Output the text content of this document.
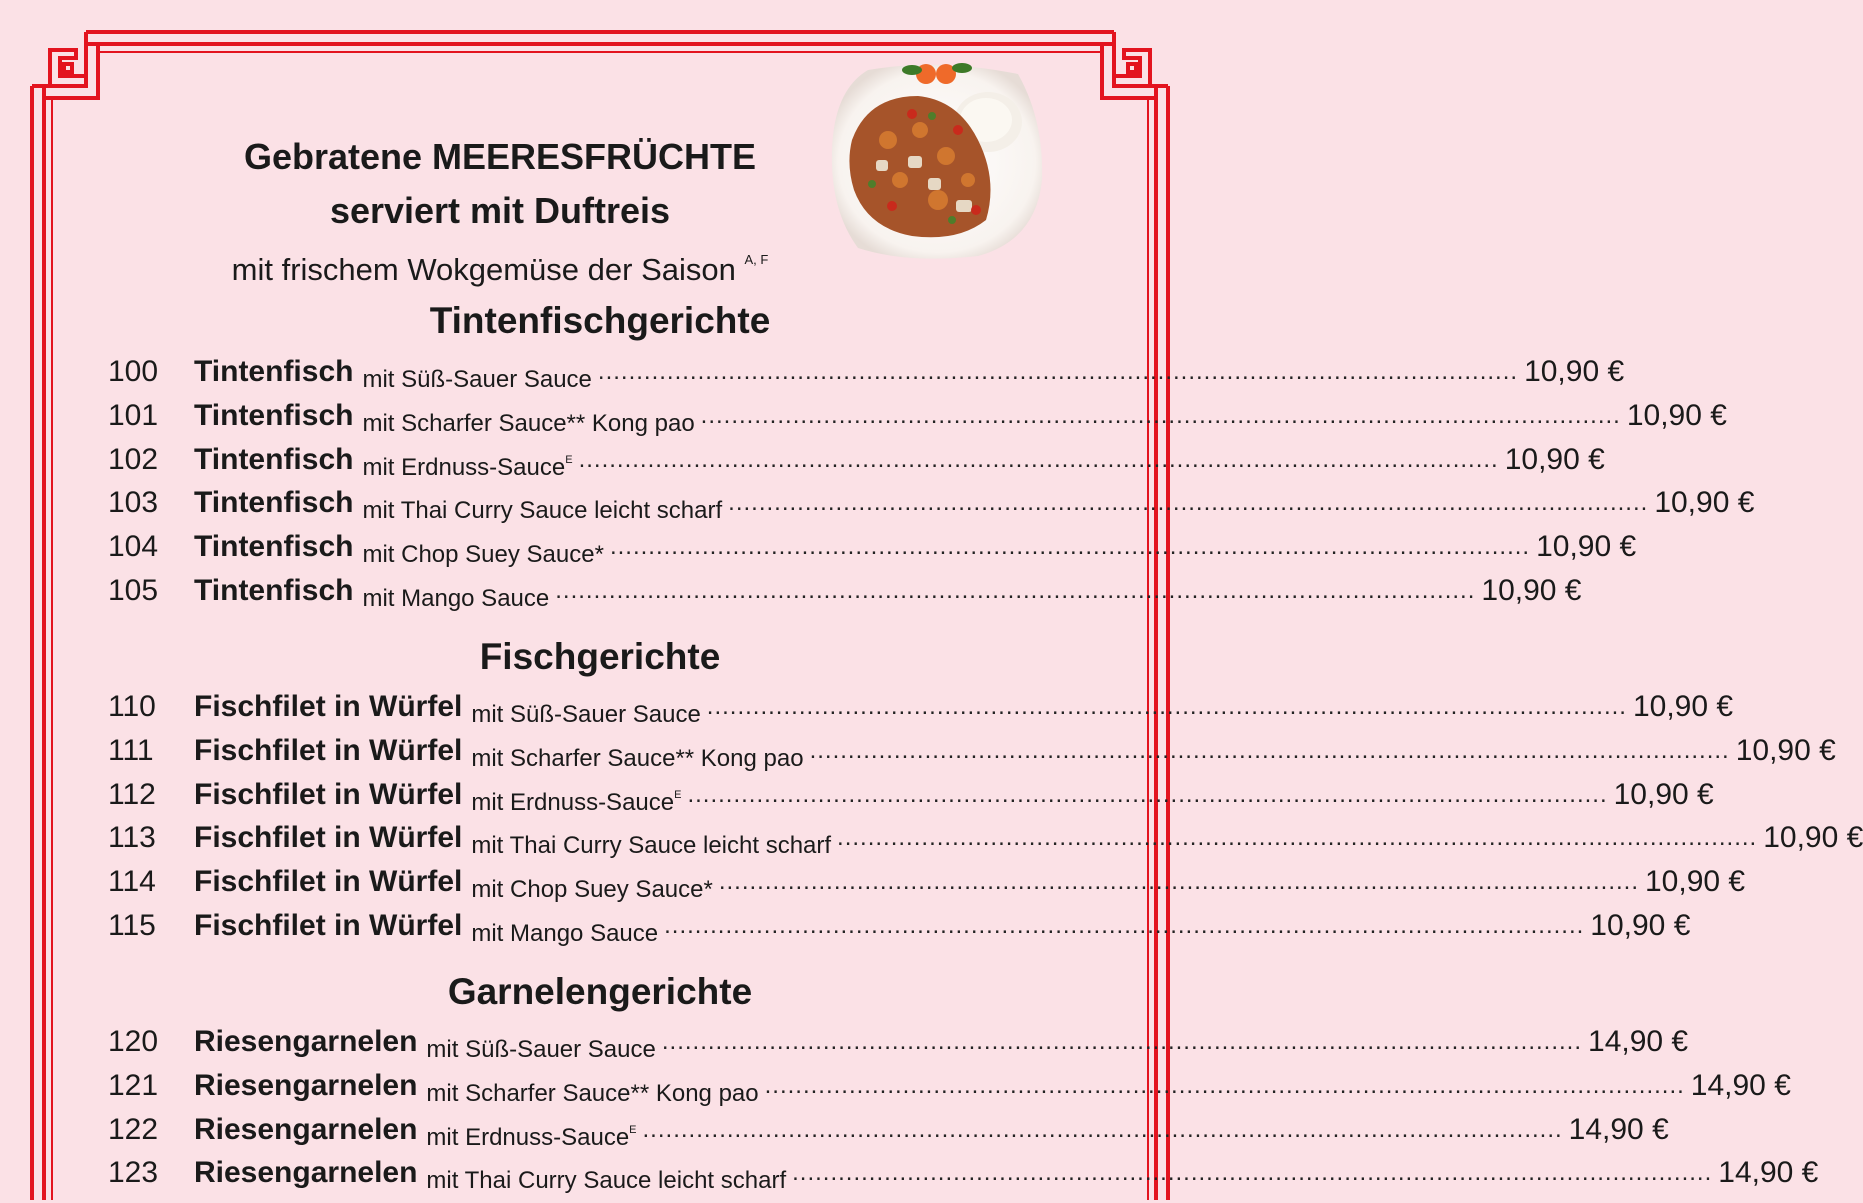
Gebratene MEERESFRÜCHTE
serviert mit Duftreis
mit frischem Wokgemüse der Saison $^{A, F}$
Tintenfischgerichte
100	Tintenfisch mit Süß-Sauer Sauce ........................................................................................................................ 10,90 €
101	Tintenfisch mit Scharfer Sauce** Kong pao ........................................................................................................................ 10,90 €
102	Tintenfisch mit Erdnuss-Sauce$^E$ ........................................................................................................................ 10,90 €
103	Tintenfisch mit Thai Curry Sauce leicht scharf ........................................................................................................................ 10,90 €
104	Tintenfisch mit Chop Suey Sauce* ........................................................................................................................ 10,90 €
105	Tintenfisch mit Mango Sauce ........................................................................................................................ 10,90 €
Fischgerichte
110	Fischfilet in Würfel mit Süß-Sauer Sauce ........................................................................................................................ 10,90 €
111	Fischfilet in Würfel mit Scharfer Sauce** Kong pao ........................................................................................................................ 10,90 €
112	Fischfilet in Würfel mit Erdnuss-Sauce$^E$ ........................................................................................................................ 10,90 €
113	Fischfilet in Würfel mit Thai Curry Sauce leicht scharf ........................................................................................................................ 10,90 €
114	Fischfilet in Würfel mit Chop Suey Sauce* ........................................................................................................................ 10,90 €
115	Fischfilet in Würfel mit Mango Sauce ........................................................................................................................ 10,90 €
Garnelengerichte
120	Riesengarnelen mit Süß-Sauer Sauce ........................................................................................................................ 14,90 €
121	Riesengarnelen mit Scharfer Sauce** Kong pao ........................................................................................................................ 14,90 €
122	Riesengarnelen mit Erdnuss-Sauce$^E$ ........................................................................................................................ 14,90 €
123	Riesengarnelen mit Thai Curry Sauce leicht scharf ........................................................................................................................ 14,90 €
